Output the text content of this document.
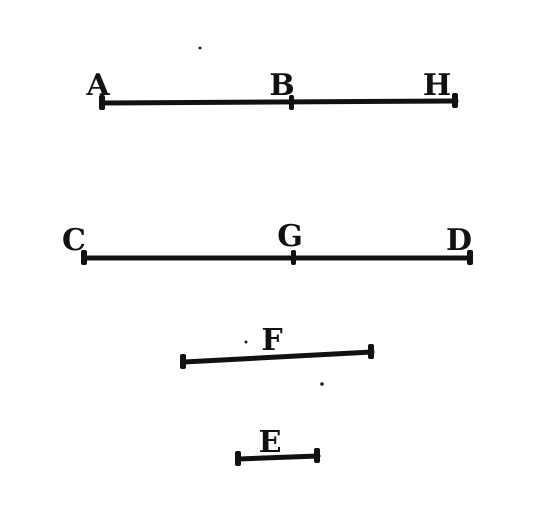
A	B	H
C	G	D
F
E
